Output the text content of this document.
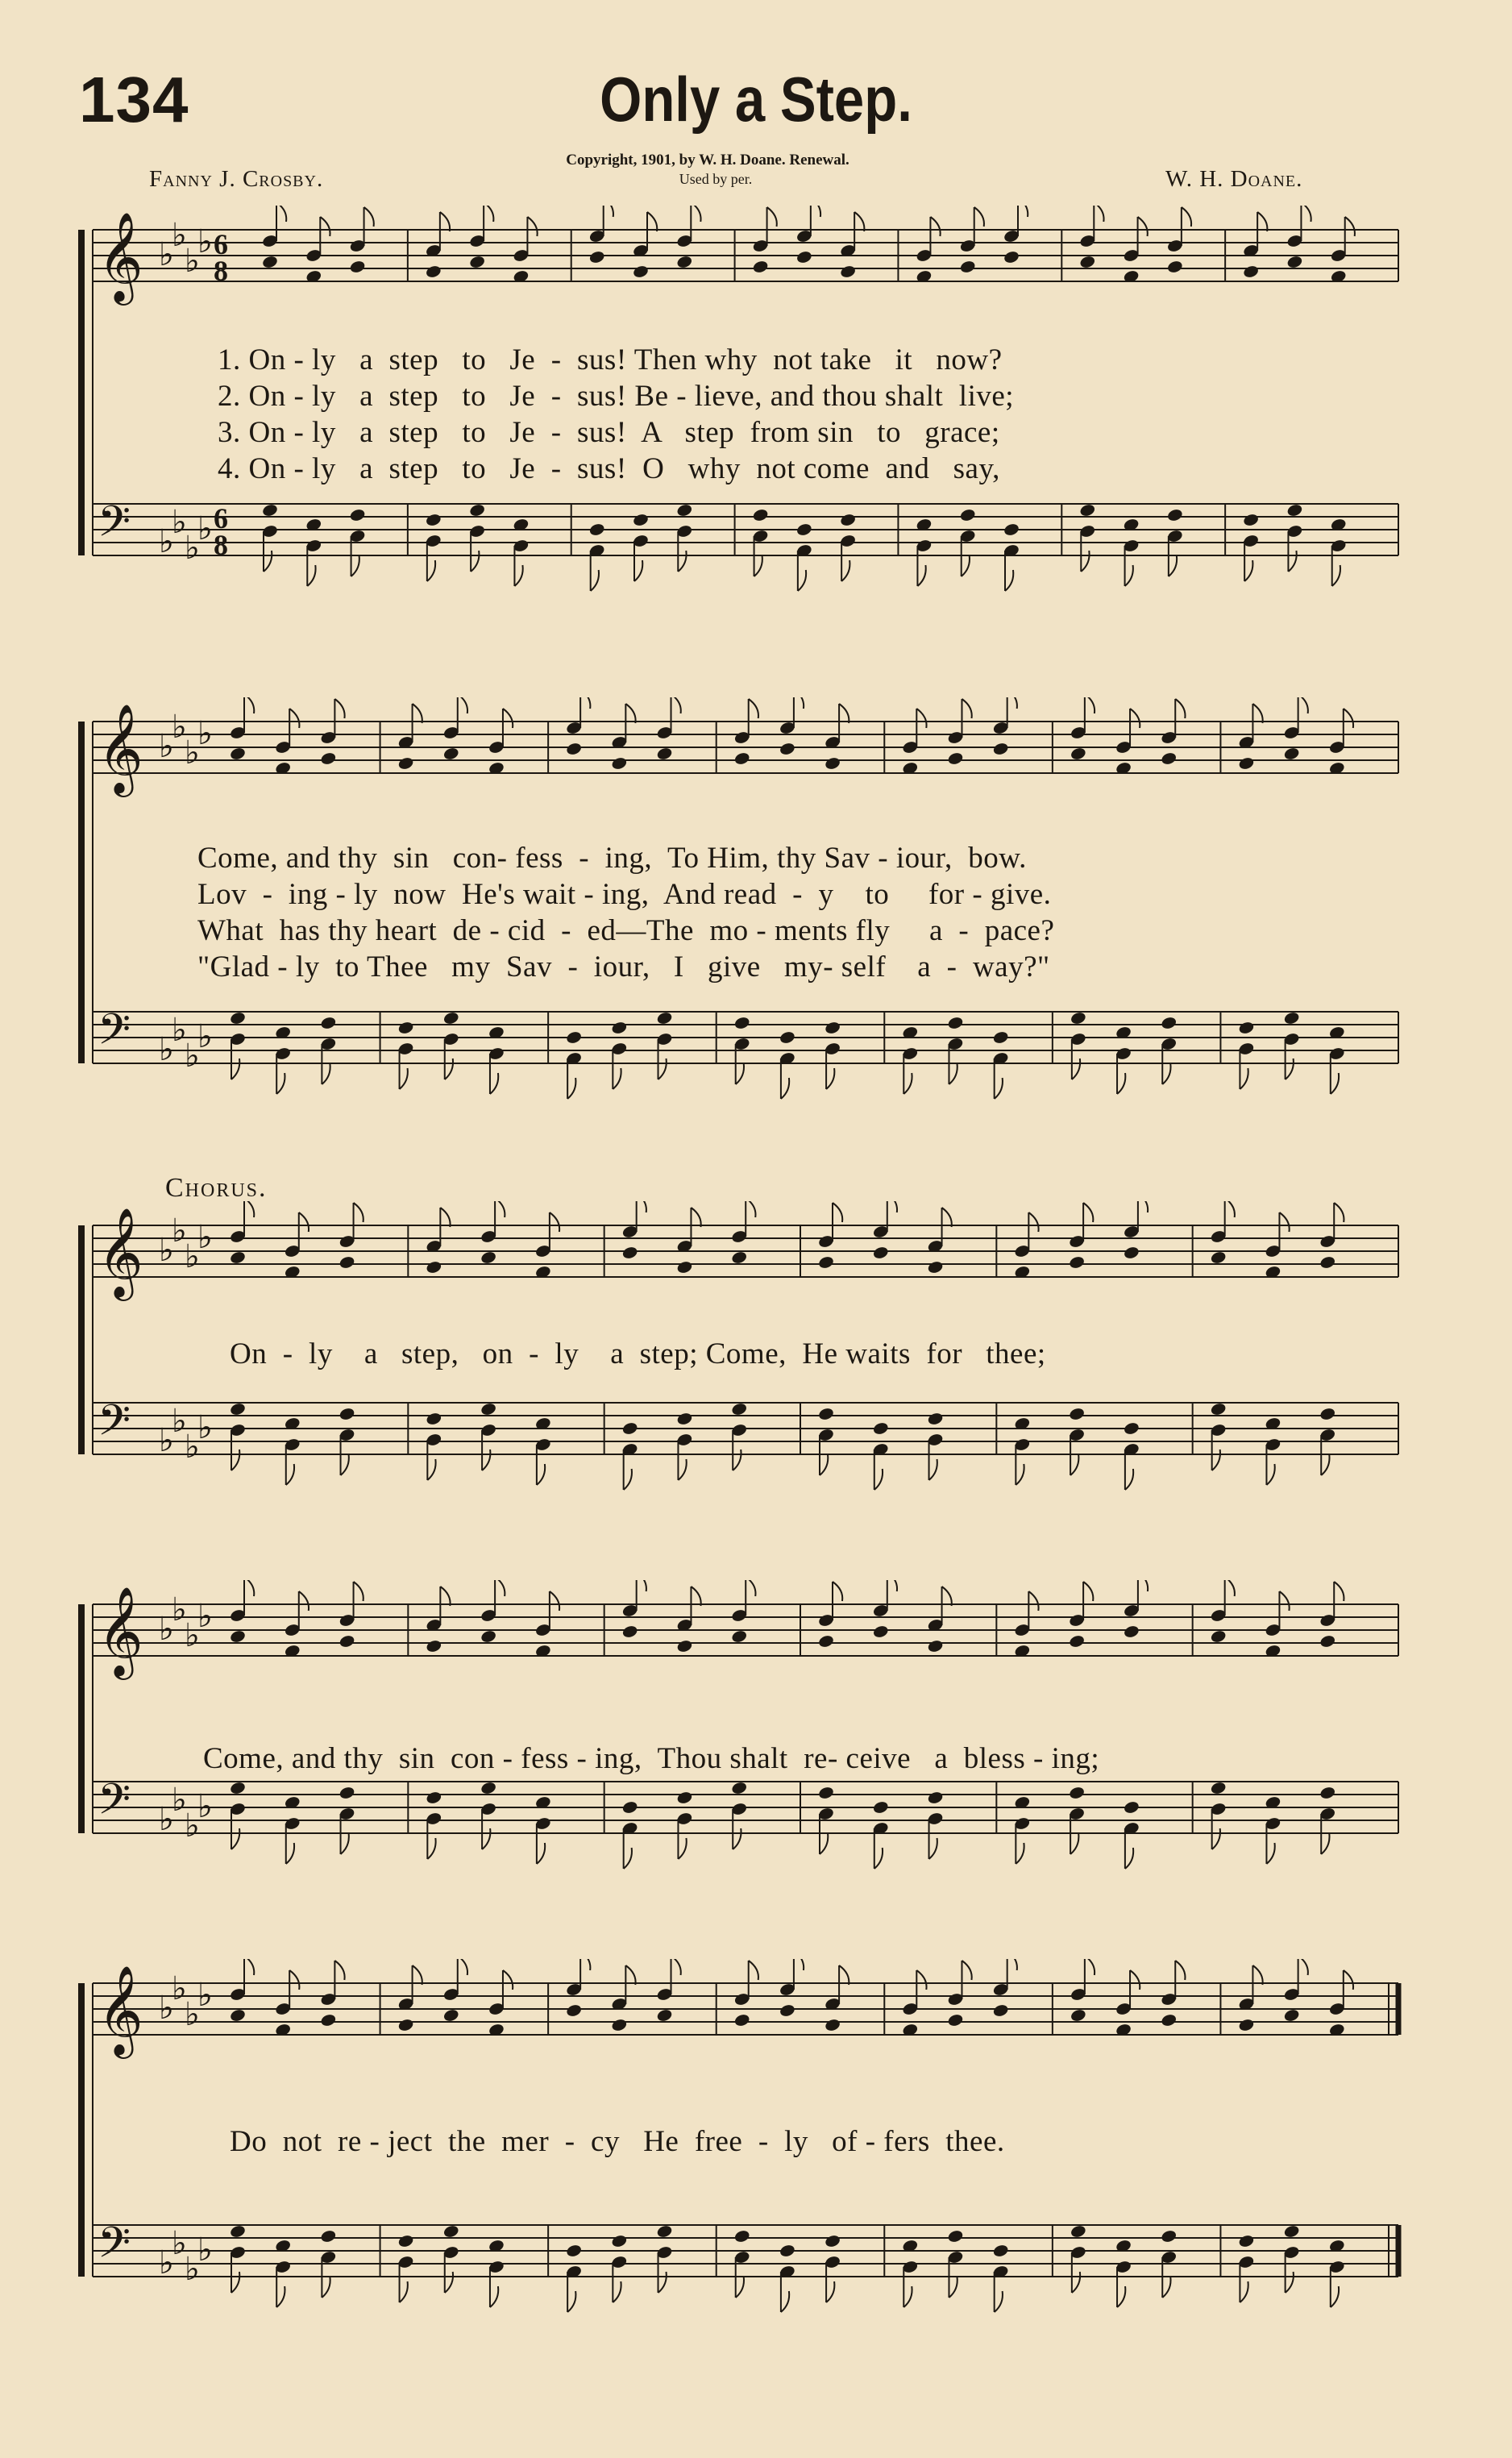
134	Only a Step.
Copyright, 1901, by W. H. Doane. Renewal.
Used by per.
Fanny J. Crosby.	W. H. Doane.
𝄞 ♭
♭
♭
♭ 6
8
𝄢 ♭
♭
♭
♭ 6
8
1. On - ly   a  step   to   Je  -  sus! Then why  not take   it   now?
2. On - ly   a  step   to   Je  -  sus! Be - lieve, and thou shalt  live;
3. On - ly   a  step   to   Je  -  sus!  A   step  from sin   to   grace;
4. On - ly   a  step   to   Je  -  sus!  O   why  not come  and   say,
𝄞 ♭
♭
♭
♭
𝄢 ♭
♭
♭
♭
Come, and thy  sin   con- fess  -  ing,  To Him, thy Sav - iour,  bow.
Lov  -  ing - ly  now  He's wait - ing,  And read  -  y    to     for - give.
What  has thy heart  de - cid  -  ed—The  mo - ments fly     a  -  pace?
"Glad - ly  to Thee   my  Sav  -  iour,   I   give   my- self    a  -  way?"
Chorus.
𝄞 ♭
♭
♭
♭
𝄢 ♭
♭
♭
♭
On  -  ly    a   step,   on  -  ly    a  step; Come,  He waits  for   thee;
𝄞 ♭
♭
♭
♭
𝄢 ♭
♭
♭
♭
Come, and thy  sin  con - fess - ing,  Thou shalt  re- ceive   a  bless - ing;
𝄞 ♭
♭
♭
♭
𝄢 ♭
♭
♭
♭
Do  not  re - ject  the  mer  -  cy   He  free  -  ly   of - fers  thee.
